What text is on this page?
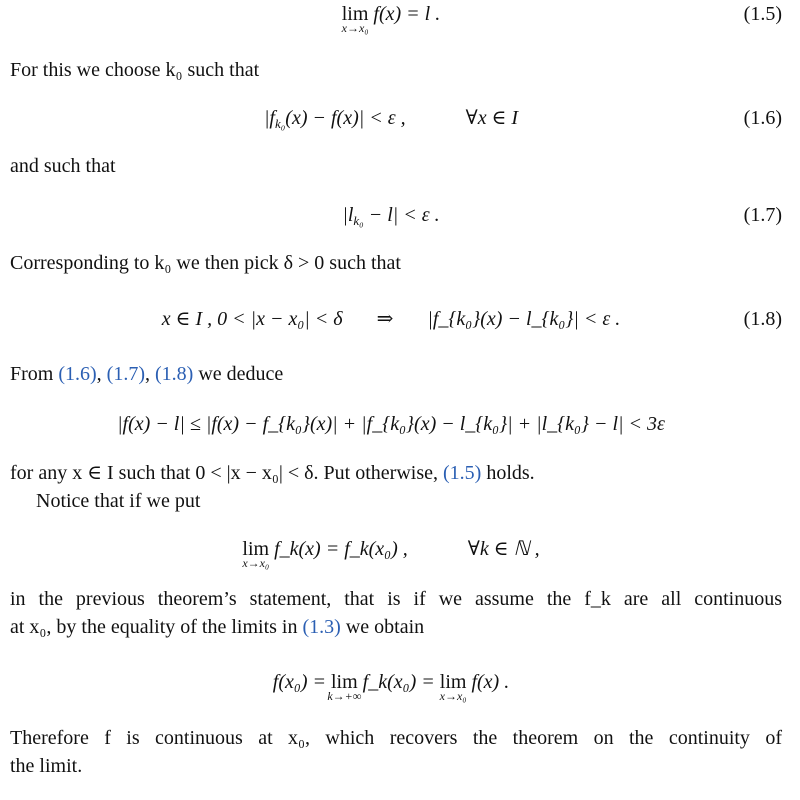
lim
x→x₀
f(x) = l .	(1.5)
For this we choose k₀ such that
$|f_{k_0}(x) - f(x)| < \varepsilon$ ,	∀x ∈ I	(1.6)
and such that
$|l_{k_0} - l| < \varepsilon$ .	(1.7)
Corresponding to k₀ we then pick δ > 0 such that
x ∈ I , 0 < |x − x₀| < δ ⇒ |f_{k₀}(x) − l_{k₀}| < ε .	(1.8)
From (1.6), (1.7), (1.8) we deduce
|f(x) − l| ≤ |f(x) − f_{k₀}(x)| + |f_{k₀}(x) − l_{k₀}| + |l_{k₀} − l| < 3ε
for any x ∈ I such that 0 < |x − x₀| < δ. Put otherwise, (1.5) holds.
Notice that if we put
lim
x→x₀
f_k(x) = f_k(x₀) ,	∀k ∈ ℕ ,
in the previous theorem’s statement, that is if we assume the f_k are all continuous
at x₀, by the equality of the limits in (1.3) we obtain
f(x₀) = lim
k→+∞
f_k(x₀) = lim
x→x₀
f(x) .
Therefore f is continuous at x₀, which recovers the theorem on the continuity of
the limit.
